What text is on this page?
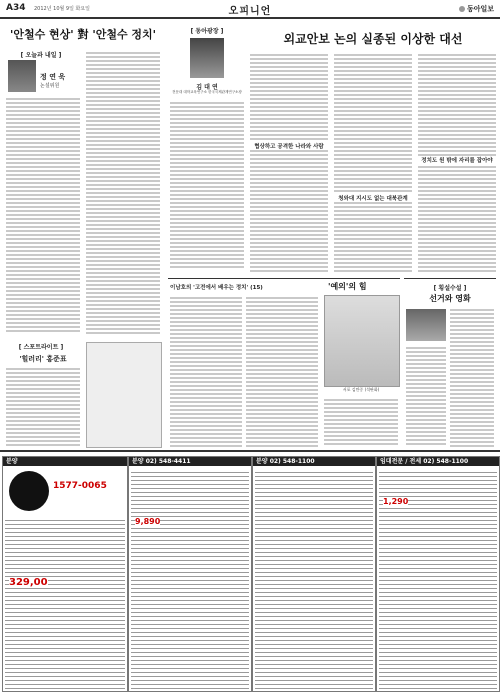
A34 2012년 10월 9일 화요일	오피니언	동아일보
'안철수 현상' 對 '안철수 정치'
[ 오늘과 내일 ]
정 연 욱
논설위원
[ 스포트라이트 ]
'힐러리' 홍준표
[ 동아광장 ]
김 대 연
전문대 대학교육연구소 한국국제관계연구소장
외교안보 논의 실종된 이상한 대선
협상하고 공격한 나라와 사람
청와대 지시도 없는 대북관계
정치도 원 밖에 자리를 잡아야
이남호의 '고전에서 배우는 정치' (15)	'예의'의 힘
서포 김만중 (석판화)
[ 횡설수설 ]
선거와 영화
분양
1577-0065
329,00
분양 02) 548-4411
9,890
분양 02) 548-1100	임대전문 / 전세 02) 548-1100
1,290
